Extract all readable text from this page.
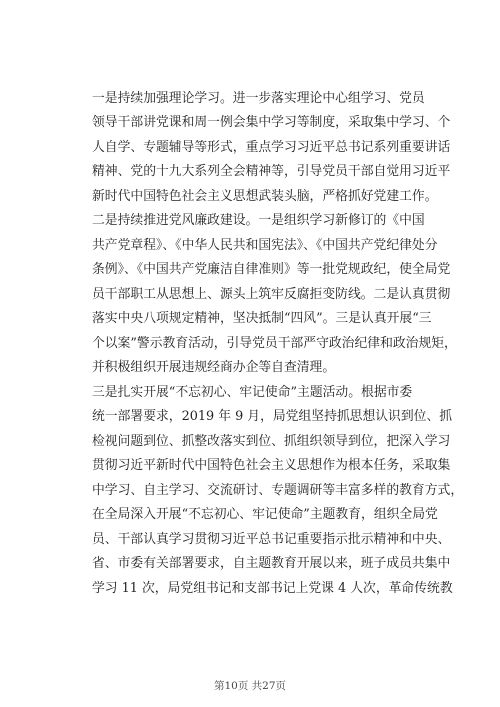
一是持续加强理论学习。进一步落实理论中心组学习、党员
领导干部讲党课和周一例会集中学习等制度，采取集中学习、个
人自学、专题辅导等形式，重点学习习近平总书记系列重要讲话
精神、党的十九大系列全会精神等，引导党员干部自觉用习近平
新时代中国特色社会主义思想武装头脑，严格抓好党建工作。
二是持续推进党风廉政建设。一是组织学习新修订的《中国
共产党章程》、《中华人民共和国宪法》、《中国共产党纪律处分
条例》、《中国共产党廉洁自律准则》等一批党规政纪，使全局党
员干部职工从思想上、源头上筑牢反腐拒变防线。二是认真贯彻
落实中央八项规定精神，坚决抵制“四风”。三是认真开展“三
个以案”警示教育活动，引导党员干部严守政治纪律和政治规矩，
并积极组织开展违规经商办企等自查清理。
三是扎实开展“不忘初心、牢记使命”主题活动。根据市委
统一部署要求，2019 年 9 月，局党组坚持抓思想认识到位、抓
检视问题到位、抓整改落实到位、抓组织领导到位，把深入学习
贯彻习近平新时代中国特色社会主义思想作为根本任务，采取集
中学习、自主学习、交流研讨、专题调研等丰富多样的教育方式，
在全局深入开展“不忘初心、牢记使命”主题教育，组织全局党
员、干部认真学习贯彻习近平总书记重要指示批示精神和中央、
省、市委有关部署要求，自主题教育开展以来，班子成员共集中
学习 11 次，局党组书记和支部书记上党课 4 人次，革命传统教
第10页 共27页
